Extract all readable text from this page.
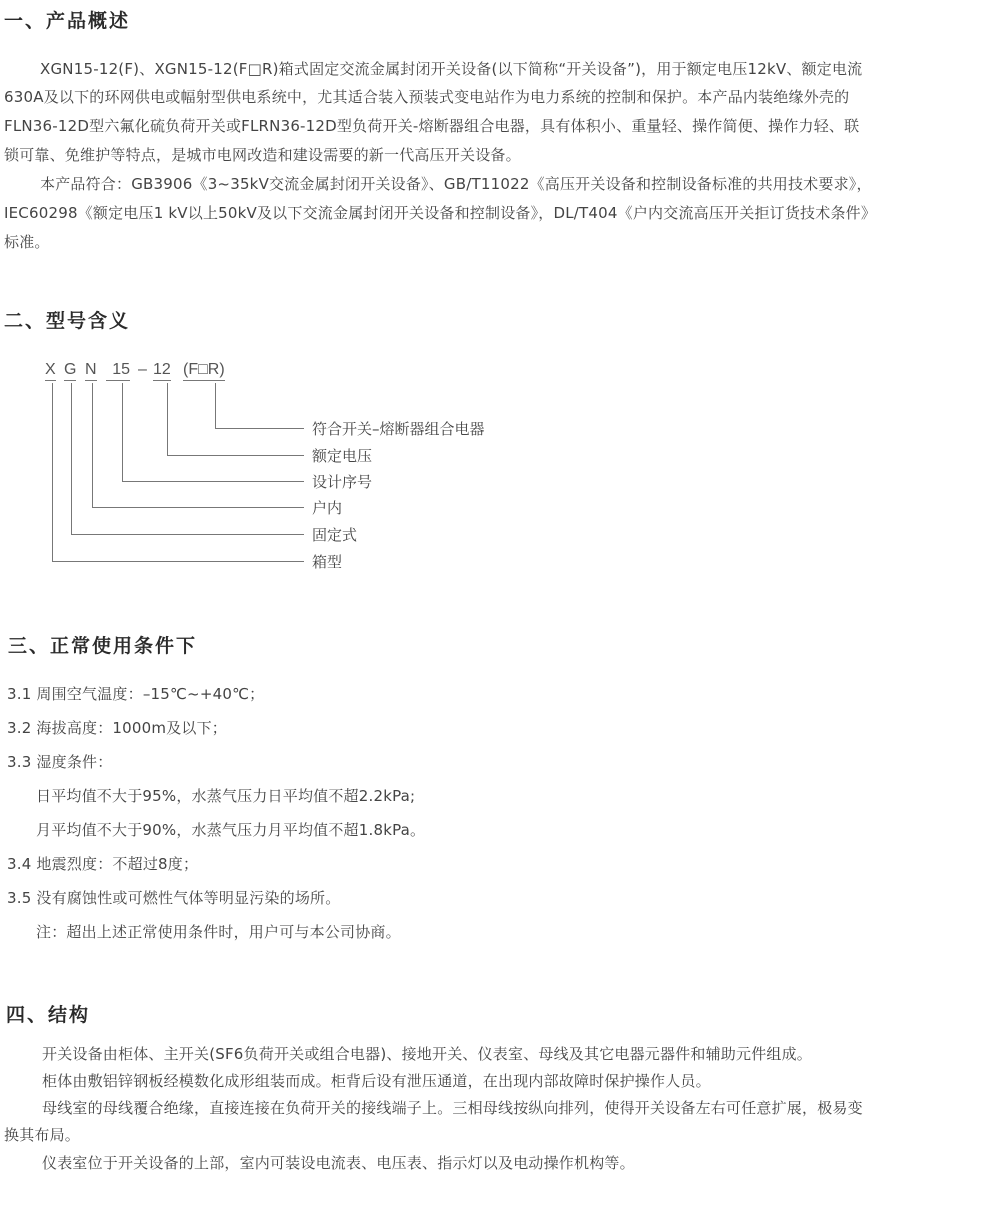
一、产品概述

XGN15-12(F)、XGN15-12(F□R)箱式固定交流金属封闭开关设备(以下简称“开关设备”)，用于额定电压12kV、额定电流

630A及以下的环网供电或幅射型供电系统中，尤其适合装入预装式变电站作为电力系统的控制和保护。本产品内装绝缘外壳的

FLN36-12D型六氟化硫负荷开关或FLRN36-12D型负荷开关-熔断器组合电器，具有体积小、重量轻、操作简便、操作力轻、联

锁可靠、免维护等特点，是城市电网改造和建设需要的新一代高压开关设备。

本产品符合：GB3906《3~35kV交流金属封闭开关设备》、GB/T11022《高压开关设备和控制设备标准的共用技术要求》，

IEC60298《额定电压1 kV以上50kV及以下交流金属封闭开关设备和控制设备》，DL/T404《户内交流高压开关拒订货技术条件》

标准。

二、型号含义
X G N 15 – 12 (F□R)
符合开关–熔断器组合电器
额定电压
设计序号
户内
固定式
箱型
三、正常使用条件下

3.1 周围空气温度：–15℃~+40℃；

3.2 海拔高度：1000m及以下；

3.3 湿度条件：

日平均值不大于95%，水蒸气压力日平均值不超2.2kPa;

月平均值不大于90%，水蒸气压力月平均值不超1.8kPa。

3.4 地震烈度：不超过8度；

3.5 没有腐蚀性或可燃性气体等明显污染的场所。

注：超出上述正常使用条件时，用户可与本公司协商。

四、结构

开关设备由柜体、主开关(SF6负荷开关或组合电器)、接地开关、仪表室、母线及其它电器元器件和辅助元件组成。

柜体由敷铝锌钢板经模数化成形组装而成。柜背后设有泄压通道，在出现内部故障时保护操作人员。

母线室的母线覆合绝缘，直接连接在负荷开关的接线端子上。三相母线按纵向排列，使得开关设备左右可任意扩展，极易变

换其布局。

仪表室位于开关设备的上部，室内可装设电流表、电压表、指示灯以及电动操作机构等。
